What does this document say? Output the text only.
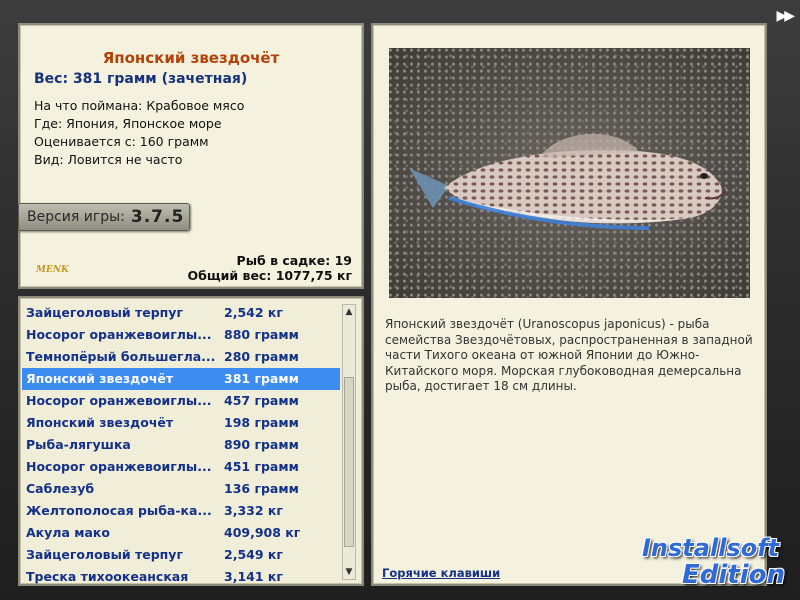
▶▶
Японский звездочёт
Вес: 381 грамм (зачетная)
На что поймана: Крабовое мясо
Где: Япония, Японское море
Оценивается с: 160 грамм
Вид: Ловится не часто
Версия игры: 3.7.5
MENK
Рыб в садке: 19
Общий вес: 1077,75 кг
Зайцеголовый терпуг	2,542 кг
Носорог оранжевоиглы...	880 грамм
Темнопёрый большегла... 280 грамм
Японский звездочёт	381 грамм
Носорог оранжевоиглы...	457 грамм
Японский звездочёт	198 грамм
Рыба-лягушка	890 грамм
Носорог оранжевоиглы...	451 грамм
Саблезуб	136 грамм
Желтополосая рыба-ка... 3,332 кг
Акула мако	409,908 кг
Зайцеголовый терпуг	2,549 кг
Треска тихоокеанская	3,141 кг
▲
▼
Японский звездочёт (Uranoscopus japonicus) - рыба семейства Звездочётовых, распространенная в западной части Тихого океана от южной Японии до Южно-Китайского моря. Морская глубоководная демерсальна рыба, достигает 18 см длины.
Горячие клавиши
Installsoft
Edition
